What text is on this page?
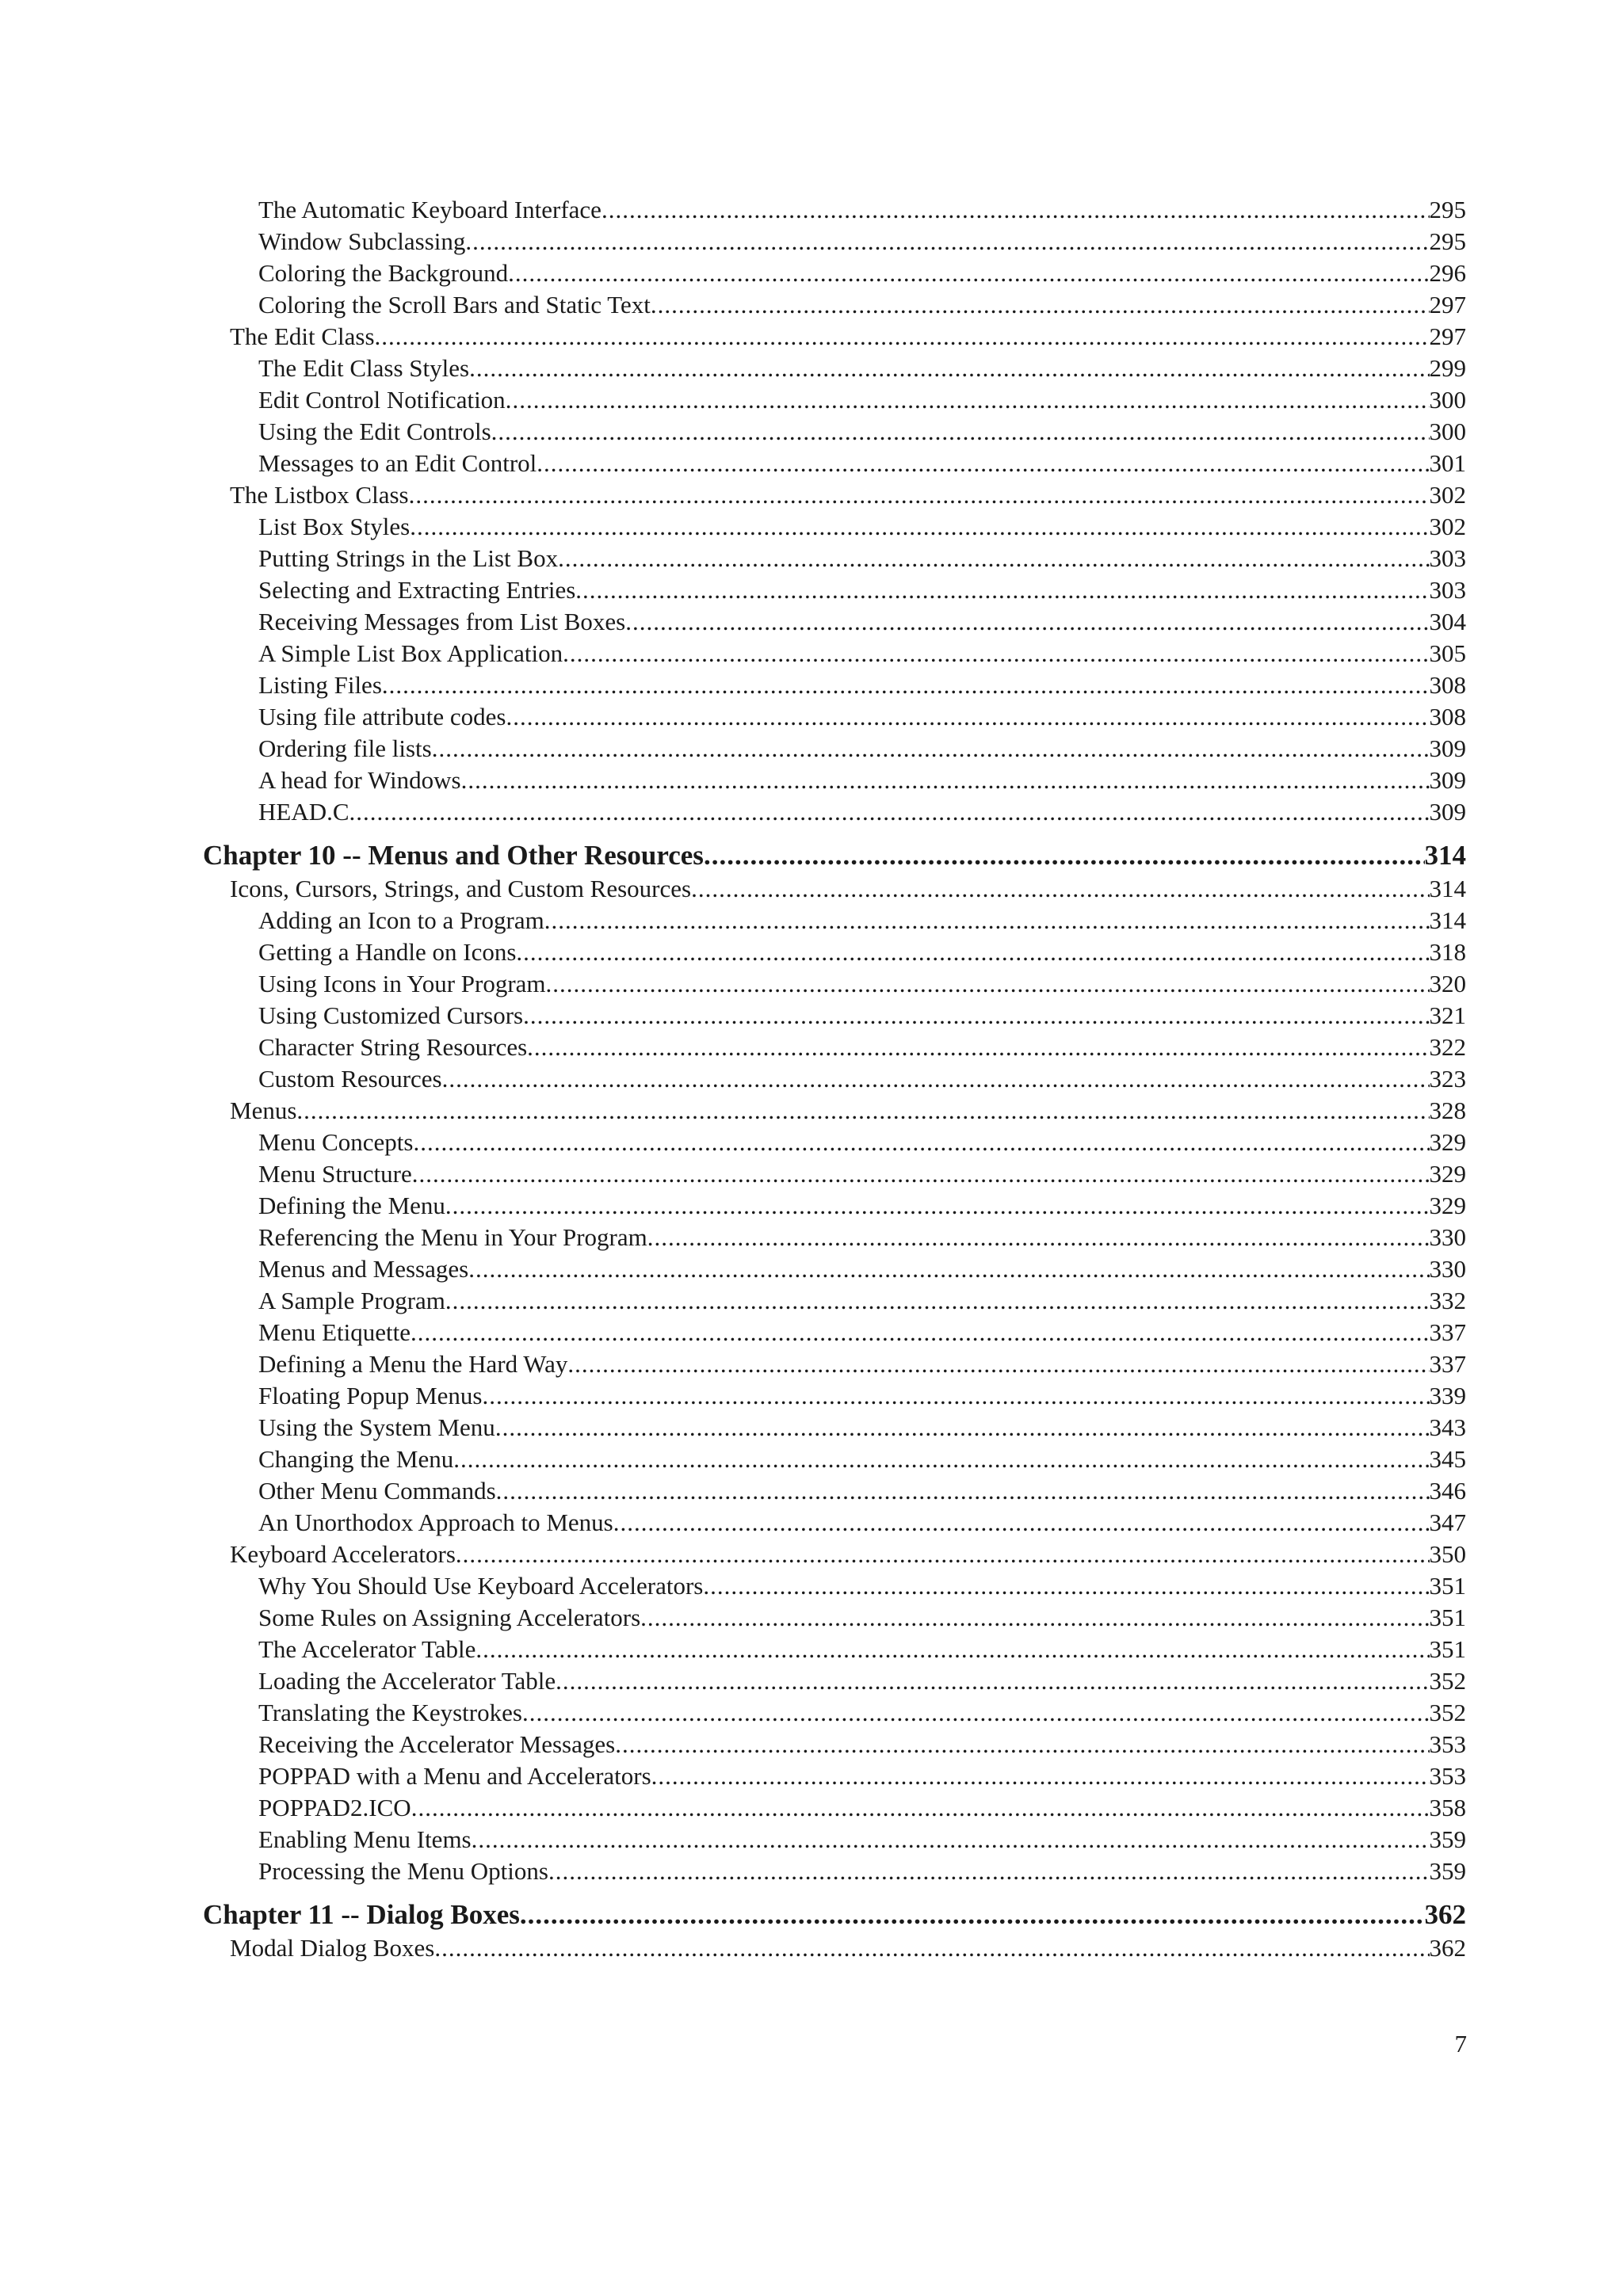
The Automatic Keyboard Interface .....	295
Window Subclassing .....	295
Coloring the Background .....	296
Coloring the Scroll Bars and Static Text .....	297
The Edit Class .....	297
The Edit Class Styles .....	299
Edit Control Notification .....	300
Using the Edit Controls .....	300
Messages to an Edit Control .....	301
The Listbox Class .....	302
List Box Styles .....	302
Putting Strings in the List Box .....	303
Selecting and Extracting Entries .....	303
Receiving Messages from List Boxes .....	304
A Simple List Box Application .....	305
Listing Files .....	308
Using file attribute codes .....	308
Ordering file lists .....	309
A head for Windows .....	309
HEAD.C .....	309
Chapter 10 -- Menus and Other Resources .....	314
Icons, Cursors, Strings, and Custom Resources .....	314
Adding an Icon to a Program .....	314
Getting a Handle on Icons .....	318
Using Icons in Your Program .....	320
Using Customized Cursors .....	321
Character String Resources .....	322
Custom Resources .....	323
Menus .....	328
Menu Concepts .....	329
Menu Structure .....	329
Defining the Menu .....	329
Referencing the Menu in Your Program .....	330
Menus and Messages .....	330
A Sample Program .....	332
Menu Etiquette .....	337
Defining a Menu the Hard Way .....	337
Floating Popup Menus .....	339
Using the System Menu .....	343
Changing the Menu .....	345
Other Menu Commands .....	346
An Unorthodox Approach to Menus .....	347
Keyboard Accelerators .....	350
Why You Should Use Keyboard Accelerators .....	351
Some Rules on Assigning Accelerators .....	351
The Accelerator Table .....	351
Loading the Accelerator Table .....	352
Translating the Keystrokes .....	352
Receiving the Accelerator Messages .....	353
POPPAD with a Menu and Accelerators .....	353
POPPAD2.ICO .....	358
Enabling Menu Items .....	359
Processing the Menu Options .....	359
Chapter 11 -- Dialog Boxes .....	362
Modal Dialog Boxes .....	362
7
